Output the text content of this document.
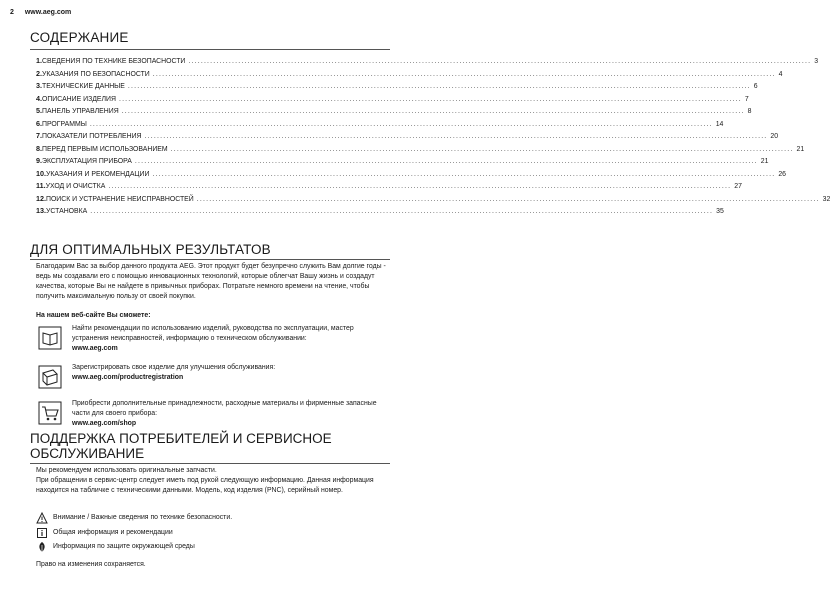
2 www.aeg.com
СОДЕРЖАНИЕ
1. СВЕДЕНИЯ ПО ТЕХНИКЕ БЕЗОПАСНОСТИ ........................................................................................................................................................................................................ 3
2. УКАЗАНИЯ ПО БЕЗОПАСНОСТИ ........................................................................................................................................................................................................ 4
3. ТЕХНИЧЕСКИЕ ДАННЫЕ ........................................................................................................................................................................................................ 6
4. ОПИСАНИЕ ИЗДЕЛИЯ ........................................................................................................................................................................................................ 7
5. ПАНЕЛЬ УПРАВЛЕНИЯ ........................................................................................................................................................................................................ 8
6. ПРОГРАММЫ ........................................................................................................................................................................................................ 14
7. ПОКАЗАТЕЛИ ПОТРЕБЛЕНИЯ ........................................................................................................................................................................................................ 20
8. ПЕРЕД ПЕРВЫМ ИСПОЛЬЗОВАНИЕМ ........................................................................................................................................................................................................ 21
9. ЭКСПЛУАТАЦИЯ ПРИБОРА ........................................................................................................................................................................................................ 21
10. УКАЗАНИЯ И РЕКОМЕНДАЦИИ ........................................................................................................................................................................................................ 26
11. УХОД И ОЧИСТКА ........................................................................................................................................................................................................ 27
12. ПОИСК И УСТРАНЕНИЕ НЕИСПРАВНОСТЕЙ ........................................................................................................................................................................................................ 32
13. УСТАНОВКА ........................................................................................................................................................................................................ 35
ДЛЯ ОПТИМАЛЬНЫХ РЕЗУЛЬТАТОВ

Благодарим Вас за выбор данного продукта AEG. Этот продукт будет безупречно служить Вам долгие годы - ведь мы создавали его с помощью инновационных технологий, которые облегчат Вашу жизнь и создадут качества, которые Вы не найдете в привычных приборах. Потратьте немного времени на чтение, чтобы получить максимальную пользу от своей покупки.

На нашем веб-сайте Вы сможете:

Найти рекомендации по использованию изделий, руководства по эксплуатации, мастер устранения неисправностей, информацию о техническом обслуживании:
www.aeg.com
Зарегистрировать свое изделие для улучшения обслуживания:
www.aeg.com/productregistration
Приобрести дополнительные принадлежности, расходные материалы и фирменные запасные части для своего прибора:
www.aeg.com/shop
ПОДДЕРЖКА ПОТРЕБИТЕЛЕЙ И СЕРВИСНОЕ ОБСЛУЖИВАНИЕ
Мы рекомендуем использовать оригинальные запчасти.
При обращении в сервис-центр следует иметь под рукой следующую информацию. Данная информация находится на табличке с техническими данными. Модель, код изделия (PNC), серийный номер.
Внимание / Важные сведения по технике безопасности.
Общая информация и рекомендации
Информация по защите окружающей среды

Право на изменения сохраняется.
